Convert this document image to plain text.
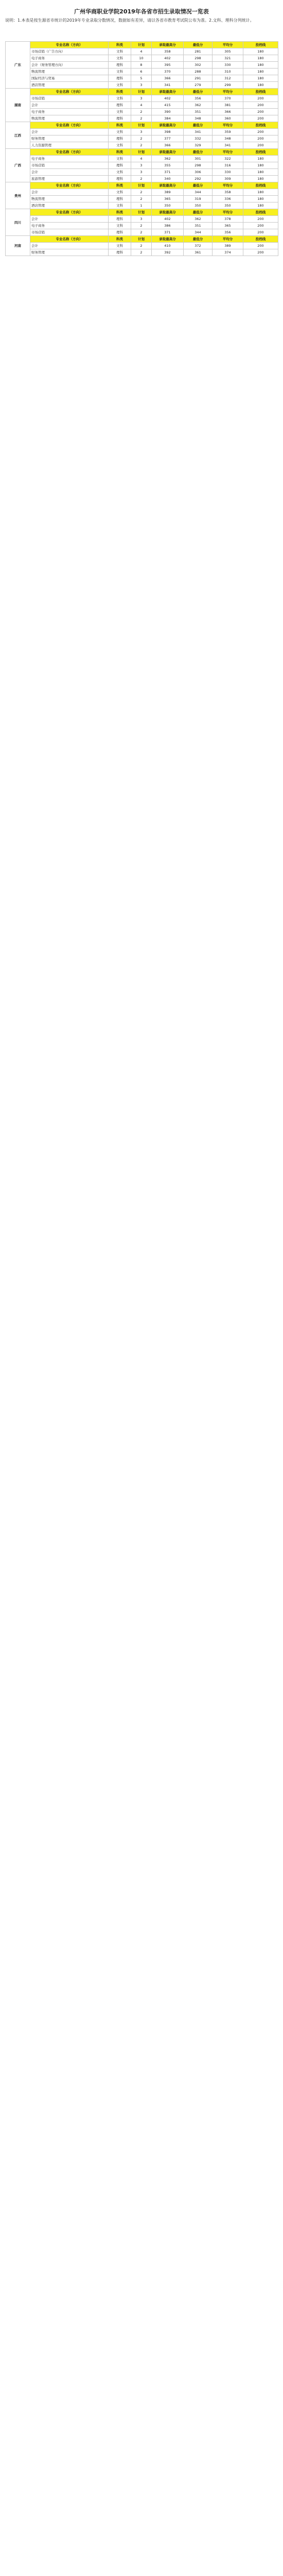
广州华商职业学院2019年各省市招生录取情况一览表
说明：1.本表是按生源省市统计的2019年专业录取分数情况，数据如有差异，请以各省市教育考试院公布为准。2.文科、理科分列统计。
广东	专业名称（方向）	科类	计划	录取最高分	最低分	平均分	投档线
	市场营销（广告方向）	文科	4	358	281	305	180
	电子商务	文科	10	402	298	321	180
	会计（财务管理方向）	理科	8	395	302	330	180
	物流管理	文科	6	370	288	310	180
	国际经济与贸易	理科	5	366	291	312	180
	酒店管理	文科	3	341	279	299	180
湖南	专业名称（方向）	科类	计划	录取最高分	最低分	平均分	投档线
	市场营销	文科	3	402	356	370	200
	会计	理科	4	415	362	381	200
	电子商务	文科	2	390	351	366	200
	物流管理	理科	2	384	348	360	200
江西	专业名称（方向）	科类	计划	录取最高分	最低分	平均分	投档线
	会计	文科	3	398	341	359	200
	财务管理	理科	2	377	332	348	200
	人力资源管理	文科	2	366	329	341	200
广西	专业名称（方向）	科类	计划	录取最高分	最低分	平均分	投档线
	电子商务	文科	4	362	301	322	180
	市场营销	理科	3	355	298	316	180
	会计	文科	3	371	306	330	180
	旅游管理	理科	2	340	292	309	180
贵州	专业名称（方向）	科类	计划	录取最高分	最低分	平均分	投档线
	会计	文科	2	389	344	358	180
	物流管理	理科	2	365	319	336	180
	酒店管理	文科	1	350	350	350	180
四川	专业名称（方向）	科类	计划	录取最高分	最低分	平均分	投档线
	会计	理科	3	402	362	378	200
	电子商务	文科	2	386	351	365	200
	市场营销	理科	2	371	344	356	200
河南	专业名称（方向）	科类	计划	录取最高分	最低分	平均分	投档线
	会计	文科	2	410	372	389	200
	财务管理	理科	2	392	361	374	200
